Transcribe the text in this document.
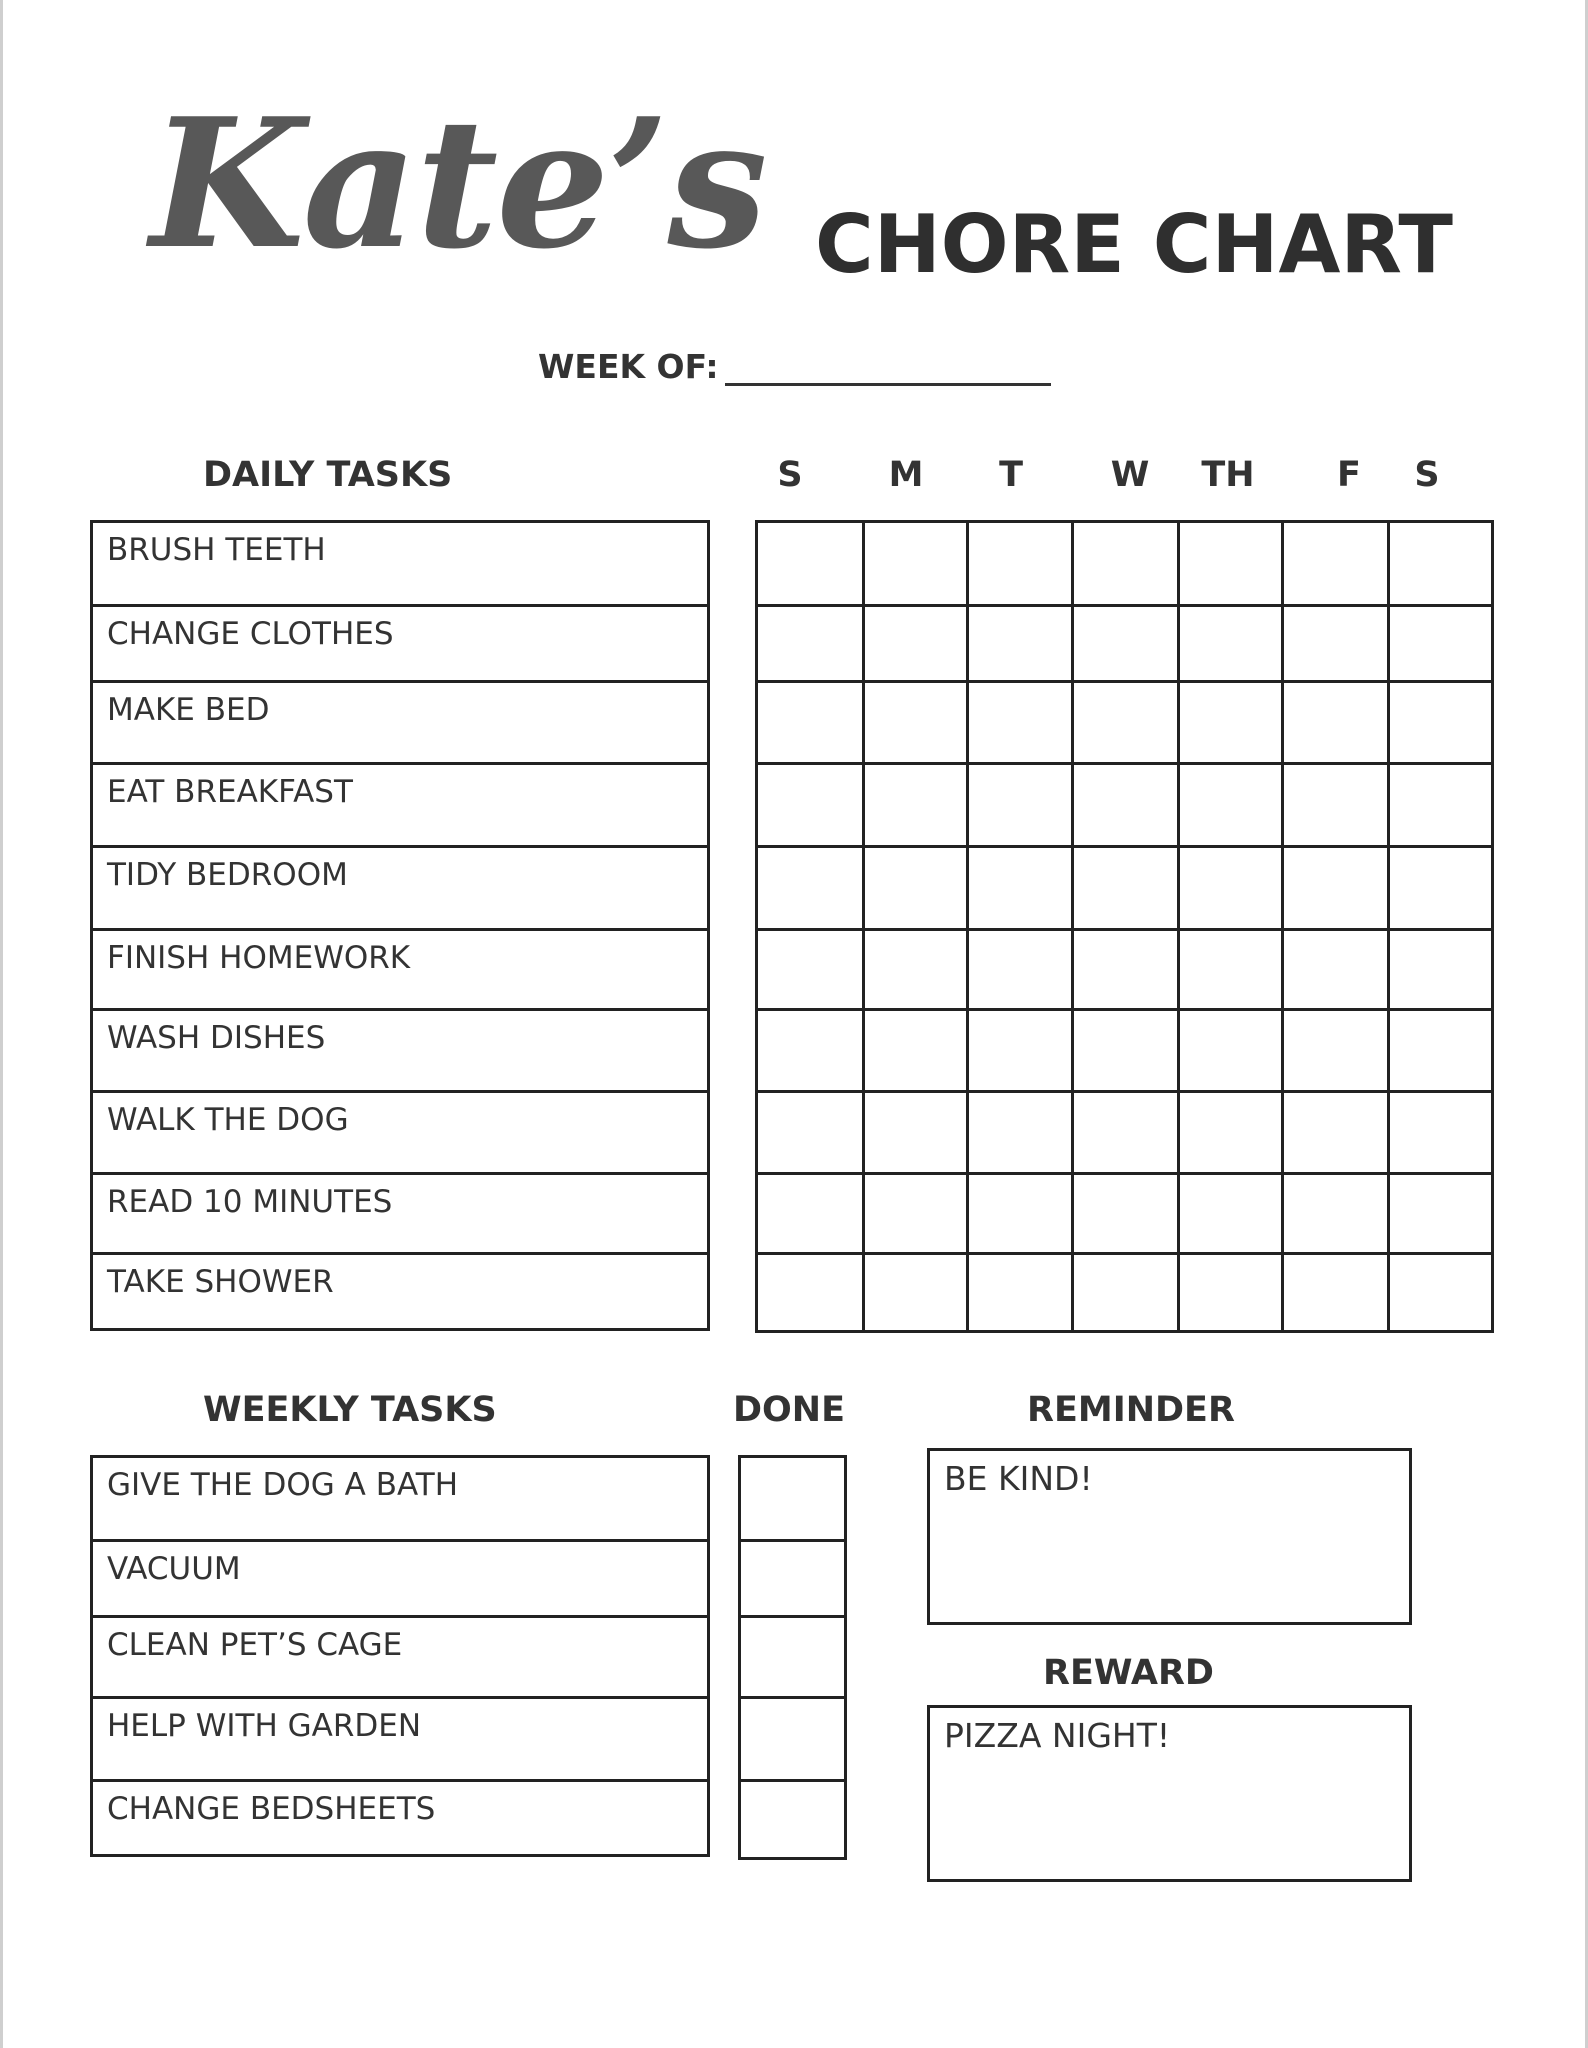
Kate’s CHORE CHART
WEEK OF:
DAILY TASKS	S	M	T	W	TH	F	S
BRUSH TEETH
CHANGE CLOTHES
MAKE BED
EAT BREAKFAST
TIDY BEDROOM
FINISH HOMEWORK
WASH DISHES
WALK THE DOG
READ 10 MINUTES
TAKE SHOWER
WEEKLY TASKS	DONE	REMINDER
REWARD
GIVE THE DOG A BATH
VACUUM
CLEAN PET’S CAGE
HELP WITH GARDEN
CHANGE BEDSHEETS
BE KIND!
PIZZA NIGHT!
